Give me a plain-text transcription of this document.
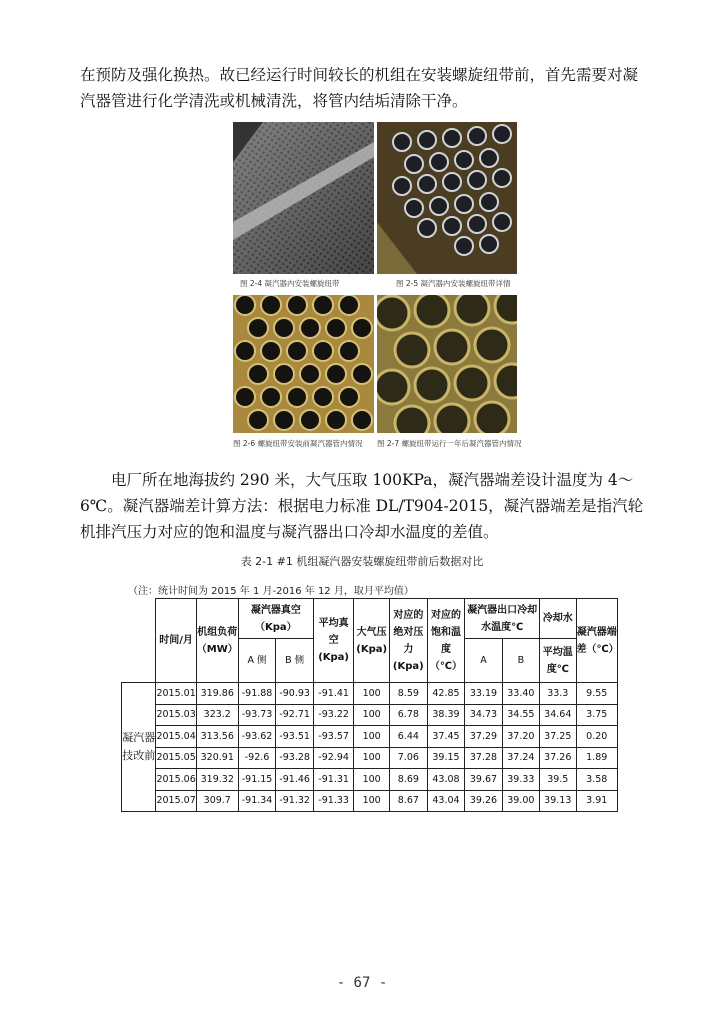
在预防及强化换热。故已经运行时间较长的机组在安装螺旋纽带前，首先需要对凝汽器管进行化学清洗或机械清洗，将管内结垢清除干净。

图 2-4 凝汽器内安装螺旋纽带	图 2-5 凝汽器内安装螺旋纽带详情
图 2-6 螺旋纽带安装前凝汽器管内情况 图 2-7 螺旋纽带运行一年后凝汽器管内情况

电厂所在地海拔约 290 米，大气压取 100KPa，凝汽器端差设计温度为 4～6℃。凝汽器端差计算方法：根据电力标准 DL/T904-2015，凝汽器端差是指汽轮机排汽压力对应的饱和温度与凝汽器出口冷却水温度的差值。

表 2-1 #1 机组凝汽器安装螺旋纽带前后数据对比
（注：统计时间为 2015 年 1 月-2016 年 12 月，取月平均值）
	时间/月	机组负荷（MW）	凝汽器真空（Kpa）		平均真空(Kpa)	大气压(Kpa)	对应的绝对压力(Kpa)	对应的饱和温度（℃）	凝汽器出口冷却水温度℃		冷却水	凝汽器端差（℃）
			A 侧	B 侧					A	B	平均温度℃	
凝汽器技改前	2015.01	319.86	-91.88	-90.93	-91.41	100	8.59	42.85	33.19	33.40	33.3	9.55
	2015.03	323.2	-93.73	-92.71	-93.22	100	6.78	38.39	34.73	34.55	34.64	3.75
	2015.04	313.56	-93.62	-93.51	-93.57	100	6.44	37.45	37.29	37.20	37.25	0.20
	2015.05	320.91	-92.6	-93.28	-92.94	100	7.06	39.15	37.28	37.24	37.26	1.89
	2015.06	319.32	-91.15	-91.46	-91.31	100	8.69	43.08	39.67	39.33	39.5	3.58
	2015.07	309.7	-91.34	-91.32	-91.33	100	8.67	43.04	39.26	39.00	39.13	3.91
- 67 -
